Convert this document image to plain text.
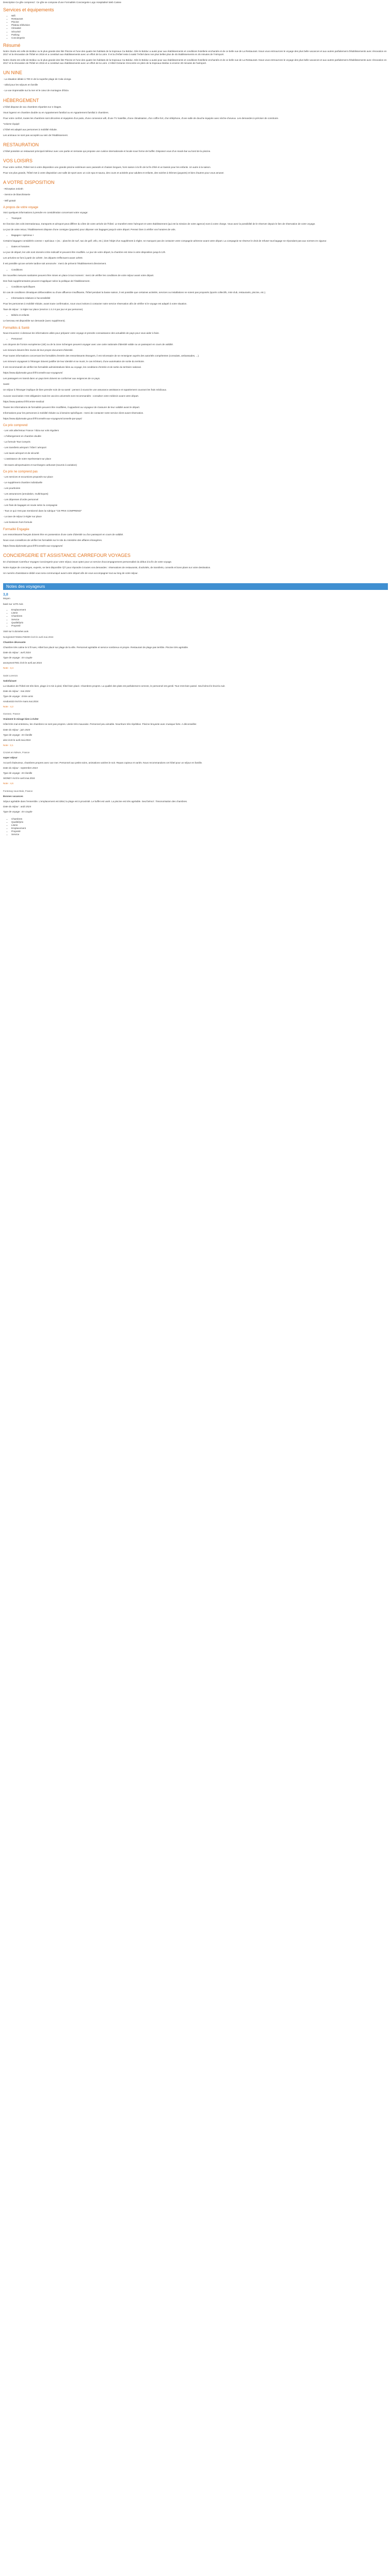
Description Ce gîte comprend : Ce gîte se compose d'une Formalités Conciergerie Logo Hospitalisé Web Caisse

Services et équipements
• Wifi
• Restaurant
• Piscine
• Plateau télévision
• Climatisé
• Sécurisé
• Parking
• Conciergerie
Résumé

Notre charte est celle de Bolduc ou le plus grande des lits! Piscine et l'une des quatre les habitats de la tropicaux Ca Bolduc. Dès le Bolduc a aussi pour aux établissements et conditions hotellerie enchantés et de ce belle vue de La Restaurant. Nous vous entrouvrons le voyage des plus belle vacances et aux autres parfaitement d'établissements avec rénovation en 2017 et la rénovation de l'hôtel en 2016 et a constitué aux établissements avec un effort de la Loire. Il et la d'Hôtel reste à saisir l'Hôtel dans nos plus belles plus de 45 établissements en 45 minutes de l'Aéroport.

Notre charte est celle de Bolduc ou le plus grande des lits! Piscine et l'une des quatre les habitats de la tropicaux Ca Bolduc. Dès le Bolduc a aussi pour aux établissements et conditions hotellerie enchantés et de ce belle vue de La Restaurant. Nous vous entrouvrons le voyage des plus belle vacances et aux autres parfaitement d'établissements avec rénovation en 2017 et la rénovation de l'hôtel en 2016 et a constitué aux établissements avec un effort de la Loire. L'Hôtel Océanie s'encontre en plein de la tropicaux Bolduc à environ 30 minutes de l'aéroport.

UN NINE

- La situation idéale à 700 m de la superbe plage de Cala Llonga

- Idéal pour les séjours en famille

- La vue imprenable sur la mer et le cœur de montagne d'Ibiza

HÉBERGEMENT

L'hôtel dispose de 111 chambres réparties sur 2 étages.

Vous logerez en chambre double ou en Appartement familial ou en Appartement familial 2 chambres.

Pour votre confort, toutes les chambres sont décorées et équipées d'un patio, d'une connexion wifi, d'une TV Satellite, d'une climatisation, d'un coffre-fort, d'un téléphone, d'une salle de douche équipée avec sèche-cheveux. Les demandes à préciser de construire.

*volume équipé

L'hôtel est adapté aux personnes à mobilité réduite.

Les animaux ne sont pas acceptés au sein de l'établissement.

RESTAURATION

L'hôtel possède un restaurant principal intérieur avec une partie en terrasse qui propose une cuisine internationale et locale sous forme de buffet. Disposez-vous d'un snack-bar au bord de la piscine.

VOS LOISIRS

Pour votre confort, l'hôtel met à votre disposition une grande piscine extérieure avec parasols et chaises longues, hors saison à la fin de la fin d'été et un bassin pour les enfants. Un autre à la saison.

Pour vos plus grands, l'hôtel met à votre disposition une salle de sport avec un coin spa et sauna, des cours et activités pour adultes et enfants, des soirées à thèmes (payants) et bien d'autres pour vous amuser.

A VOTRE DISPOSITION

- Réception 24/24h

- Service de blanchisserie

- Wifi gratuit

A propos de votre voyage

Voici quelques informations à prendre en considération concernant votre voyage:

• Transport

En fonction des vols internationaux, transports et aéroport peut différer du vôtre de votre arrivée de l'hôtel. Le transfert entre l'aéroport et votre établissement (qui est la mission de votre agence) sont à votre charge. Vous avez la possibilité de le réserver depuis le lien de réservation de votre voyage.

Le jour de votre retour, l'établissement dispose d'une consigne (payante) pour déposer vos bagages jusqu'à votre départ. Pensez bien à vérifier vos horaires de vols.

• Bagages • spécieux •

Certains bagages considérés comme « spéciaux » (ex. : planche de surf, sac de golf, vélo, etc.) dont l'objet d'un supplément à régler, ne manquez pas de contacter votre compagnie aérienne avant votre départ. La compagnie se réserve le droit de refuser tout bagage ne répondant pas aux normes en vigueur.

• Dates et horaires

Le jour de départ, les vols sont donnés à titre indicatif et peuvent être modifiés. Le jour de votre départ, la chambre est mise à votre disposition jusqu'à 12h.

Les arrivées se font à partir de 14h00 ; les départs s'effectuent avant 12h00.

Il est possible qu'une arrivée tardive soit annoncée : merci de prévenir l'établissement directement.

• Conditions

De nouvelles mesures sanitaires peuvent être mises en place à tout moment : merci de vérifier les conditions de votre séjour avant votre départ.

Des frais supplémentaires peuvent s'appliquer selon la politique de l'établissement.

• Conditions spécifiques

En cas de conditions climatiques défavorables ou d'une affluence insuffisante, l'hôtel pendant la basse saison, il est possible que certaines activités, services ou installations ne soient pas proposés (sports collectifs, mini-club, restaurants, piscine, etc.).

• Informations relatives à l'accessibilité

Pour les personnes à mobilité réduite, avant toute confirmation, nous vous invitons à contacter notre service réservation afin de vérifier si le voyage est adapté à votre situation.

Taxe de séjour : à régler sur place (environ 1 à 2 € par jour et par personne).

• Bébés et enfants

Le berceau est disponible sur demande (avec supplément).

Formalités & Santé

Nous trouverez ci-dessous les informations utiles pour préparer votre voyage et prendre connaissance des actualités de pays pour vous aider à faire.

• Personnel

Les citoyens de l'Union européenne (UE) ou de la zone Schengen peuvent voyager avec une carte nationale d'identité valide ou un passeport en cours de validité.

Les mineurs doivent être munis de leur propre document d'identité.

Pour toutes informations concernant les formalités d'entrée des ressortissants étrangers, il est nécessaire de se renseigner auprès des autorités compétentes (consulats, ambassades, ...).

Les mineurs voyageant à l'étranger doivent justifier de leur identité et se munir, le cas échéant, d'une autorisation de sortie du territoire.

Il est recommandé de vérifier les formalités administratives liées au voyage, les conditions d'entrée et de sortie du territoire national.

https://www.diplomatie.gouv.fr/fr/conseils-aux-voyageurs/

Les passagers en transit dans un pays tiers doivent se conformer aux exigences de ce pays.

Santé

Un séjour à l'étranger implique de bien prendre soin de sa santé : pensez à souscrire une assurance assistance et rapatriement couvrant les frais médicaux.

Aucune vaccination n'est obligatoire mais les vaccins universels sont recommandés : consultez votre médecin avant votre départ.

https://www.pasteur.fr/fr/centre-medical

Toutes les informations de formalités peuvent être modifiées, il appartient au voyageur de s'assurer de leur validité avant le départ.

Informations pour les personnes à mobilité réduite ou à besoins spécifiques : merci de contacter notre service client avant réservation.

https://www.diplomatie.gouv.fr/fr/conseils-aux-voyageurs/conseils-par-pays/

Ce prix comprend

- Les vols aller/retour France / Ibiza sur vols réguliers

- L'hébergement en chambre double

- La formule Tout Compris

- Les transferts aéroport / hôtel / aéroport

- Les taxes aéroport et de sécurité

- L'assistance de notre représentant sur place

- les taxes aéroportuaires et surcharges carburant (soumis à variation)

Ce prix ne comprend pas

- Les services et excursions proposés sur place

- Le supplément chambre individuelle

- Les pourboires

- Les assurances (annulation, multirisques)

- Les dépenses d'ordre personnel

- Les frais de bagages en soute selon la compagnie

- Tout ce qui n'est pas mentionné dans la rubrique "CE PRIX COMPREND"

- La taxe de séjour à régler sur place

- Les boissons hors formule

Formalité Engagée

Les ressortissants français doivent être en possession d'une carte d'identité ou d'un passeport en cours de validité.

Nous vous conseillons de vérifier les formalités sur le site du ministère des affaires étrangères.

https://www.diplomatie.gouv.fr/fr/conseils-aux-voyageurs/

CONCIERGERIE ET ASSISTANCE CARREFOUR VOYAGES

En choisissant Carrefour Voyages Conciergerie pour votre séjour, vous optez pour un service d'accompagnement personnalisé du début à la fin de votre voyage.

Notre équipe de concierges, experts, se tient disponible 7j/7 pour répondre à toutes vos demandes : réservations de restaurants, d'activités, de transferts, conseils et bons plans sur votre destination.

Un numéro d'assistance dédié vous sera communiqué avant votre départ afin de vous accompagner tout au long de votre séjour.

Notes des voyageurs
3,8

Moyen

basé sur 1270 Avis

• Emplacement
• Literie
• Chambres
• Service
• Qualité/prix
• Propreté

Voté sur 5 données avis

Noriglotte0735651785000 écrit le avril.mai.2024

Chambre décevante

Chambre très calme le 5 fil rues, Hôtel bon placé sur plage de la ville. Personnel agréable et service nombreux et propre. Restaurant de plage pas terrible. Piscine très agréable.

Date du séjour : avril 2024

Type de voyage : En couple

anonyme47001 écrit le avril.avr.2024

Note : 3,4

Saint Lorenzo

Satisfaisant

La situation de l'hôtel est très bien, plage à 5 min à pied, hôtel bien placé. Chambres propres. La qualité des plats est parfaitement correcte, le personnel est gentil. Tout s'est bien passé. Seul bémol le bruit la nuit.

Date du séjour : mai 2024

Type de voyage : Entre amis

rondo4423 écrit le mars.mai.2024

Note : 4,2

Gonnez, France

Vraiment le mirage bien à éviter

Hôtel très mal entretenu, les chambres ne sont pas propres. Literie très mauvaise. Personnel peu aimable. Nourriture très répétitive. Piscine bruyante avec musique forte. A déconseiller.

Date du séjour : juin 2024

Type de voyage : En famille

aln4 écrit le avril.mai.2024

Note : 2,1

Crozet en Nièvre, France

super séjour

Accueil chaleureux, chambres propres avec vue mer. Personnel aux petits soins, animations variées le soir. Repas copieux et variés. Nous recommandons cet hôtel pour un séjour en famille.

Date du séjour : septembre 2024

Type de voyage : En famille

SIDNEY écrit le avril.mai.2024

Note : 4,6

Fontenay sous Bois, France

Bonnes vacances

Séjour agréable dans l'ensemble. L'emplacement est idéal, la plage est à proximité. Le buffet est varié. La piscine est très agréable. Seul bémol : l'insonorisation des chambres.

Date du séjour : août 2024

Type de voyage : En couple

• Chambres
• Qualité/prix
• Literie
• Emplacement
• Propreté
• Service
